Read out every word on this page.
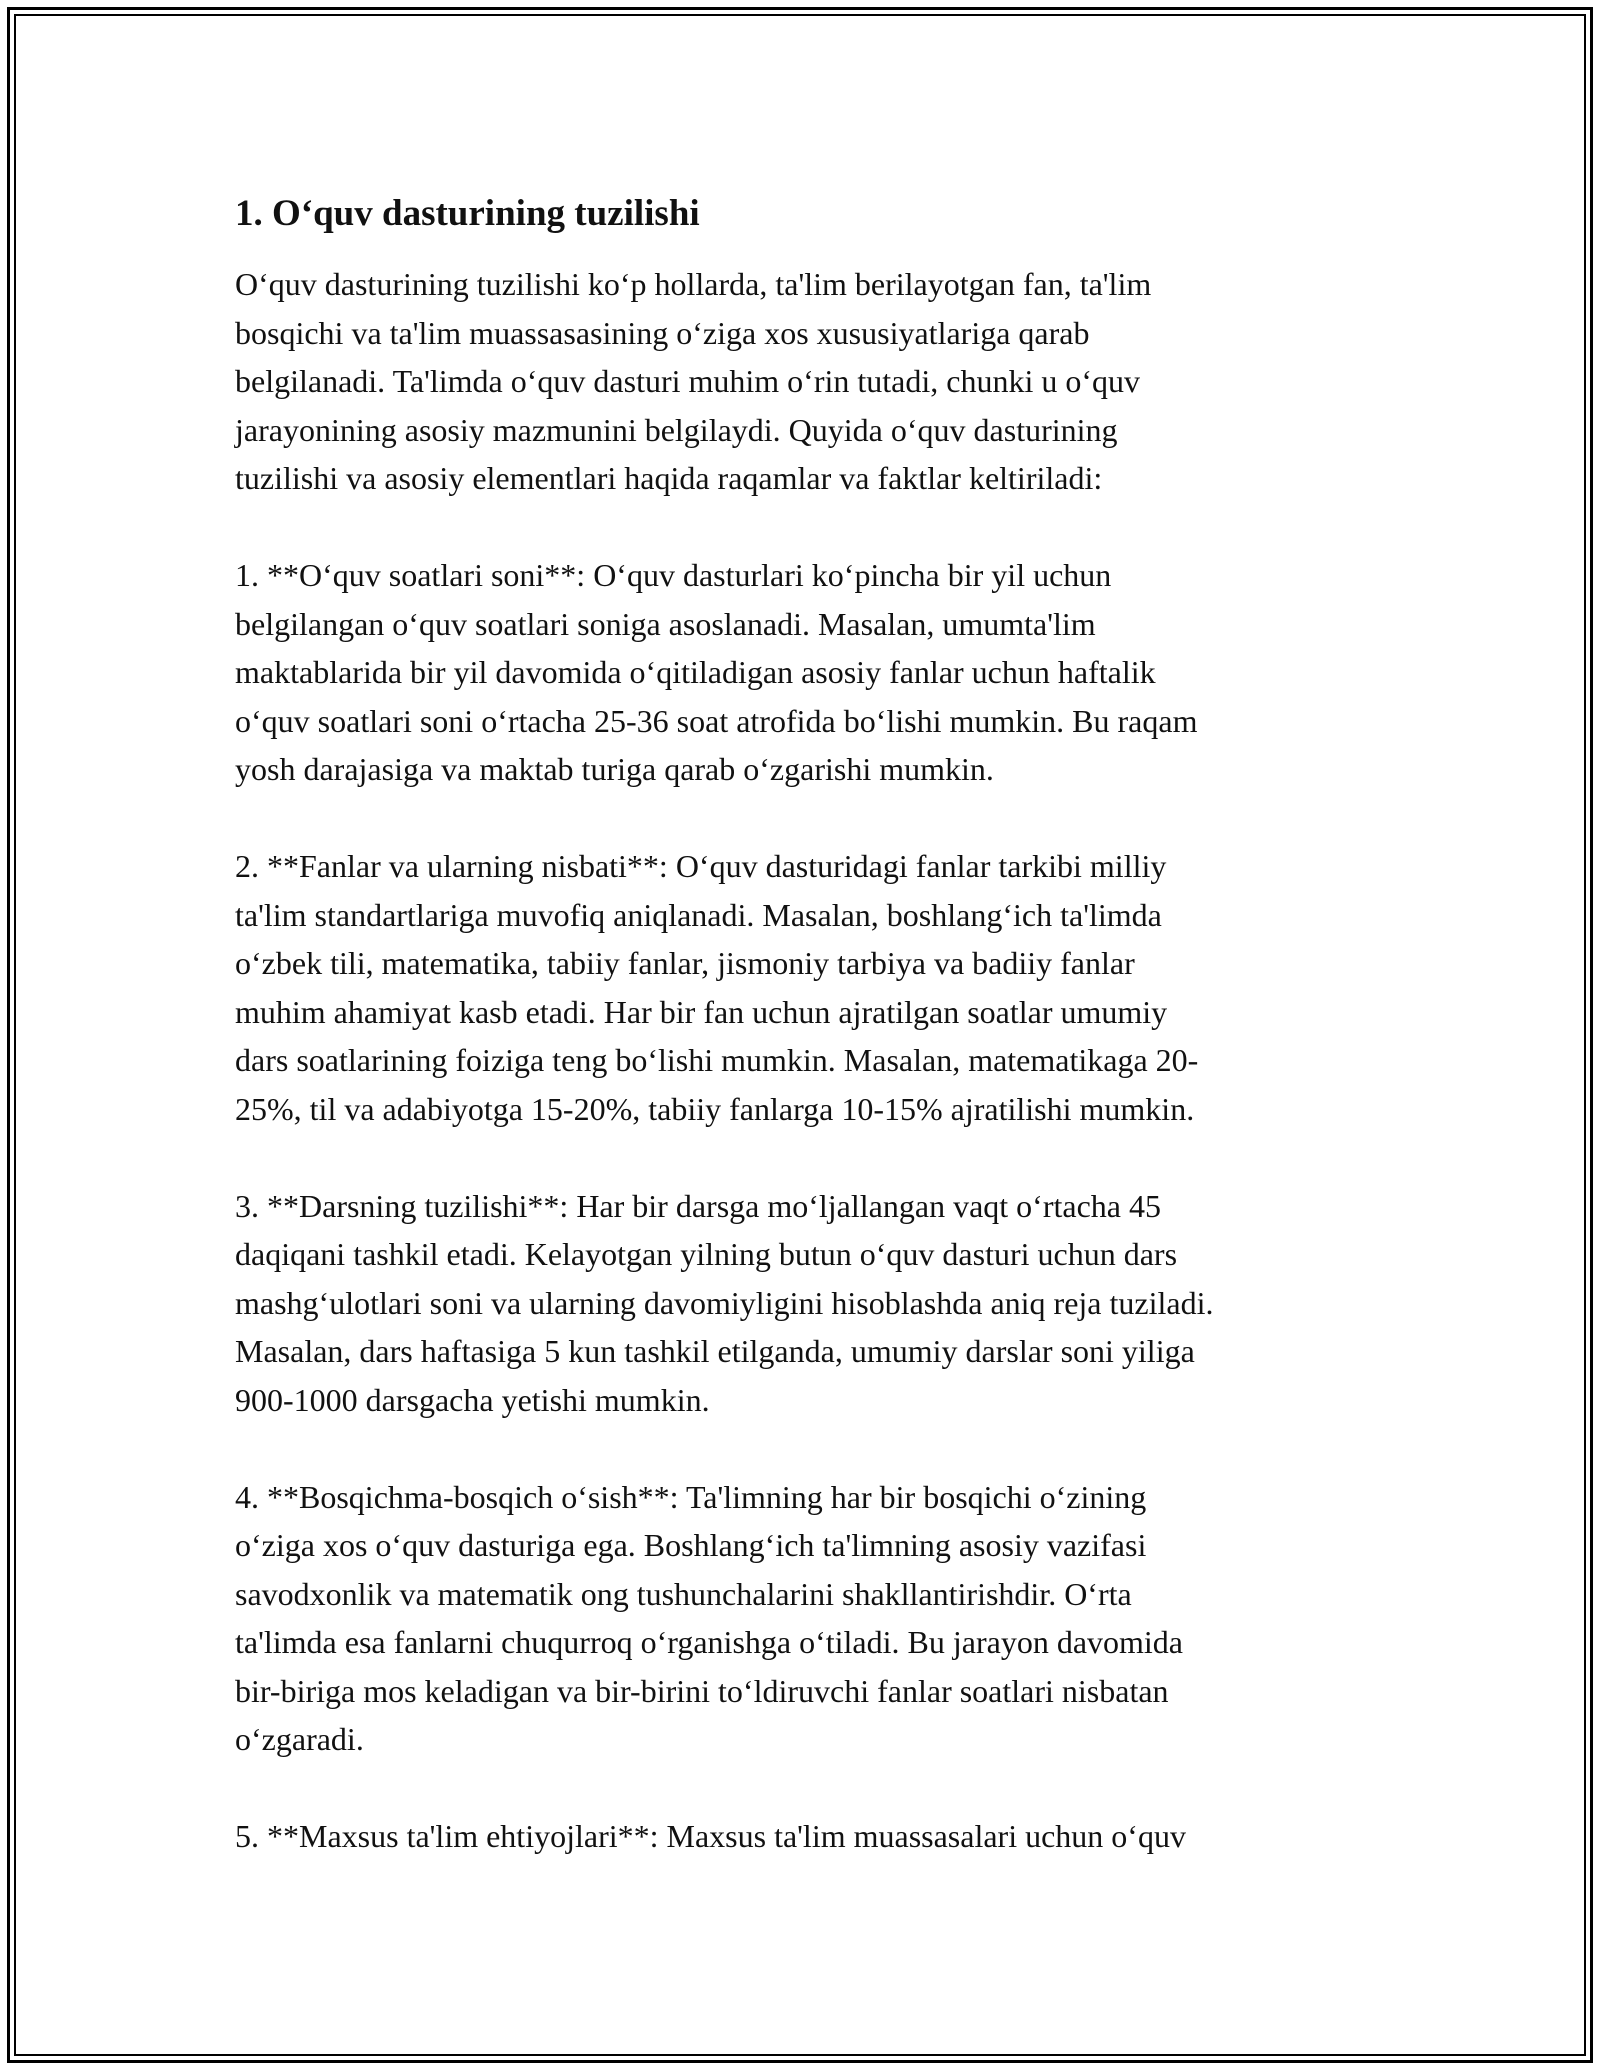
1. O‘quv dasturining tuzilishi

O‘quv dasturining tuzilishi ko‘p hollarda, ta'lim berilayotgan fan, ta'lim
bosqichi va ta'lim muassasasining o‘ziga xos xususiyatlariga qarab
belgilanadi. Ta'limda o‘quv dasturi muhim o‘rin tutadi, chunki u o‘quv
jarayonining asosiy mazmunini belgilaydi. Quyida o‘quv dasturining
tuzilishi va asosiy elementlari haqida raqamlar va faktlar keltiriladi:

1. **O‘quv soatlari soni**: O‘quv dasturlari ko‘pincha bir yil uchun
belgilangan o‘quv soatlari soniga asoslanadi. Masalan, umumta'lim
maktablarida bir yil davomida o‘qitiladigan asosiy fanlar uchun haftalik
o‘quv soatlari soni o‘rtacha 25-36 soat atrofida bo‘lishi mumkin. Bu raqam
yosh darajasiga va maktab turiga qarab o‘zgarishi mumkin.

2. **Fanlar va ularning nisbati**: O‘quv dasturidagi fanlar tarkibi milliy
ta'lim standartlariga muvofiq aniqlanadi. Masalan, boshlang‘ich ta'limda
o‘zbek tili, matematika, tabiiy fanlar, jismoniy tarbiya va badiiy fanlar
muhim ahamiyat kasb etadi. Har bir fan uchun ajratilgan soatlar umumiy
dars soatlarining foiziga teng bo‘lishi mumkin. Masalan, matematikaga 20-
25%, til va adabiyotga 15-20%, tabiiy fanlarga 10-15% ajratilishi mumkin.

3. **Darsning tuzilishi**: Har bir darsga mo‘ljallangan vaqt o‘rtacha 45
daqiqani tashkil etadi. Kelayotgan yilning butun o‘quv dasturi uchun dars
mashg‘ulotlari soni va ularning davomiyligini hisoblashda aniq reja tuziladi.
Masalan, dars haftasiga 5 kun tashkil etilganda, umumiy darslar soni yiliga
900-1000 darsgacha yetishi mumkin.

4. **Bosqichma-bosqich o‘sish**: Ta'limning har bir bosqichi o‘zining
o‘ziga xos o‘quv dasturiga ega. Boshlang‘ich ta'limning asosiy vazifasi
savodxonlik va matematik ong tushunchalarini shakllantirishdir. O‘rta
ta'limda esa fanlarni chuqurroq o‘rganishga o‘tiladi. Bu jarayon davomida
bir-biriga mos keladigan va bir-birini to‘ldiruvchi fanlar soatlari nisbatan
o‘zgaradi.

5. **Maxsus ta'lim ehtiyojlari**: Maxsus ta'lim muassasalari uchun o‘quv
